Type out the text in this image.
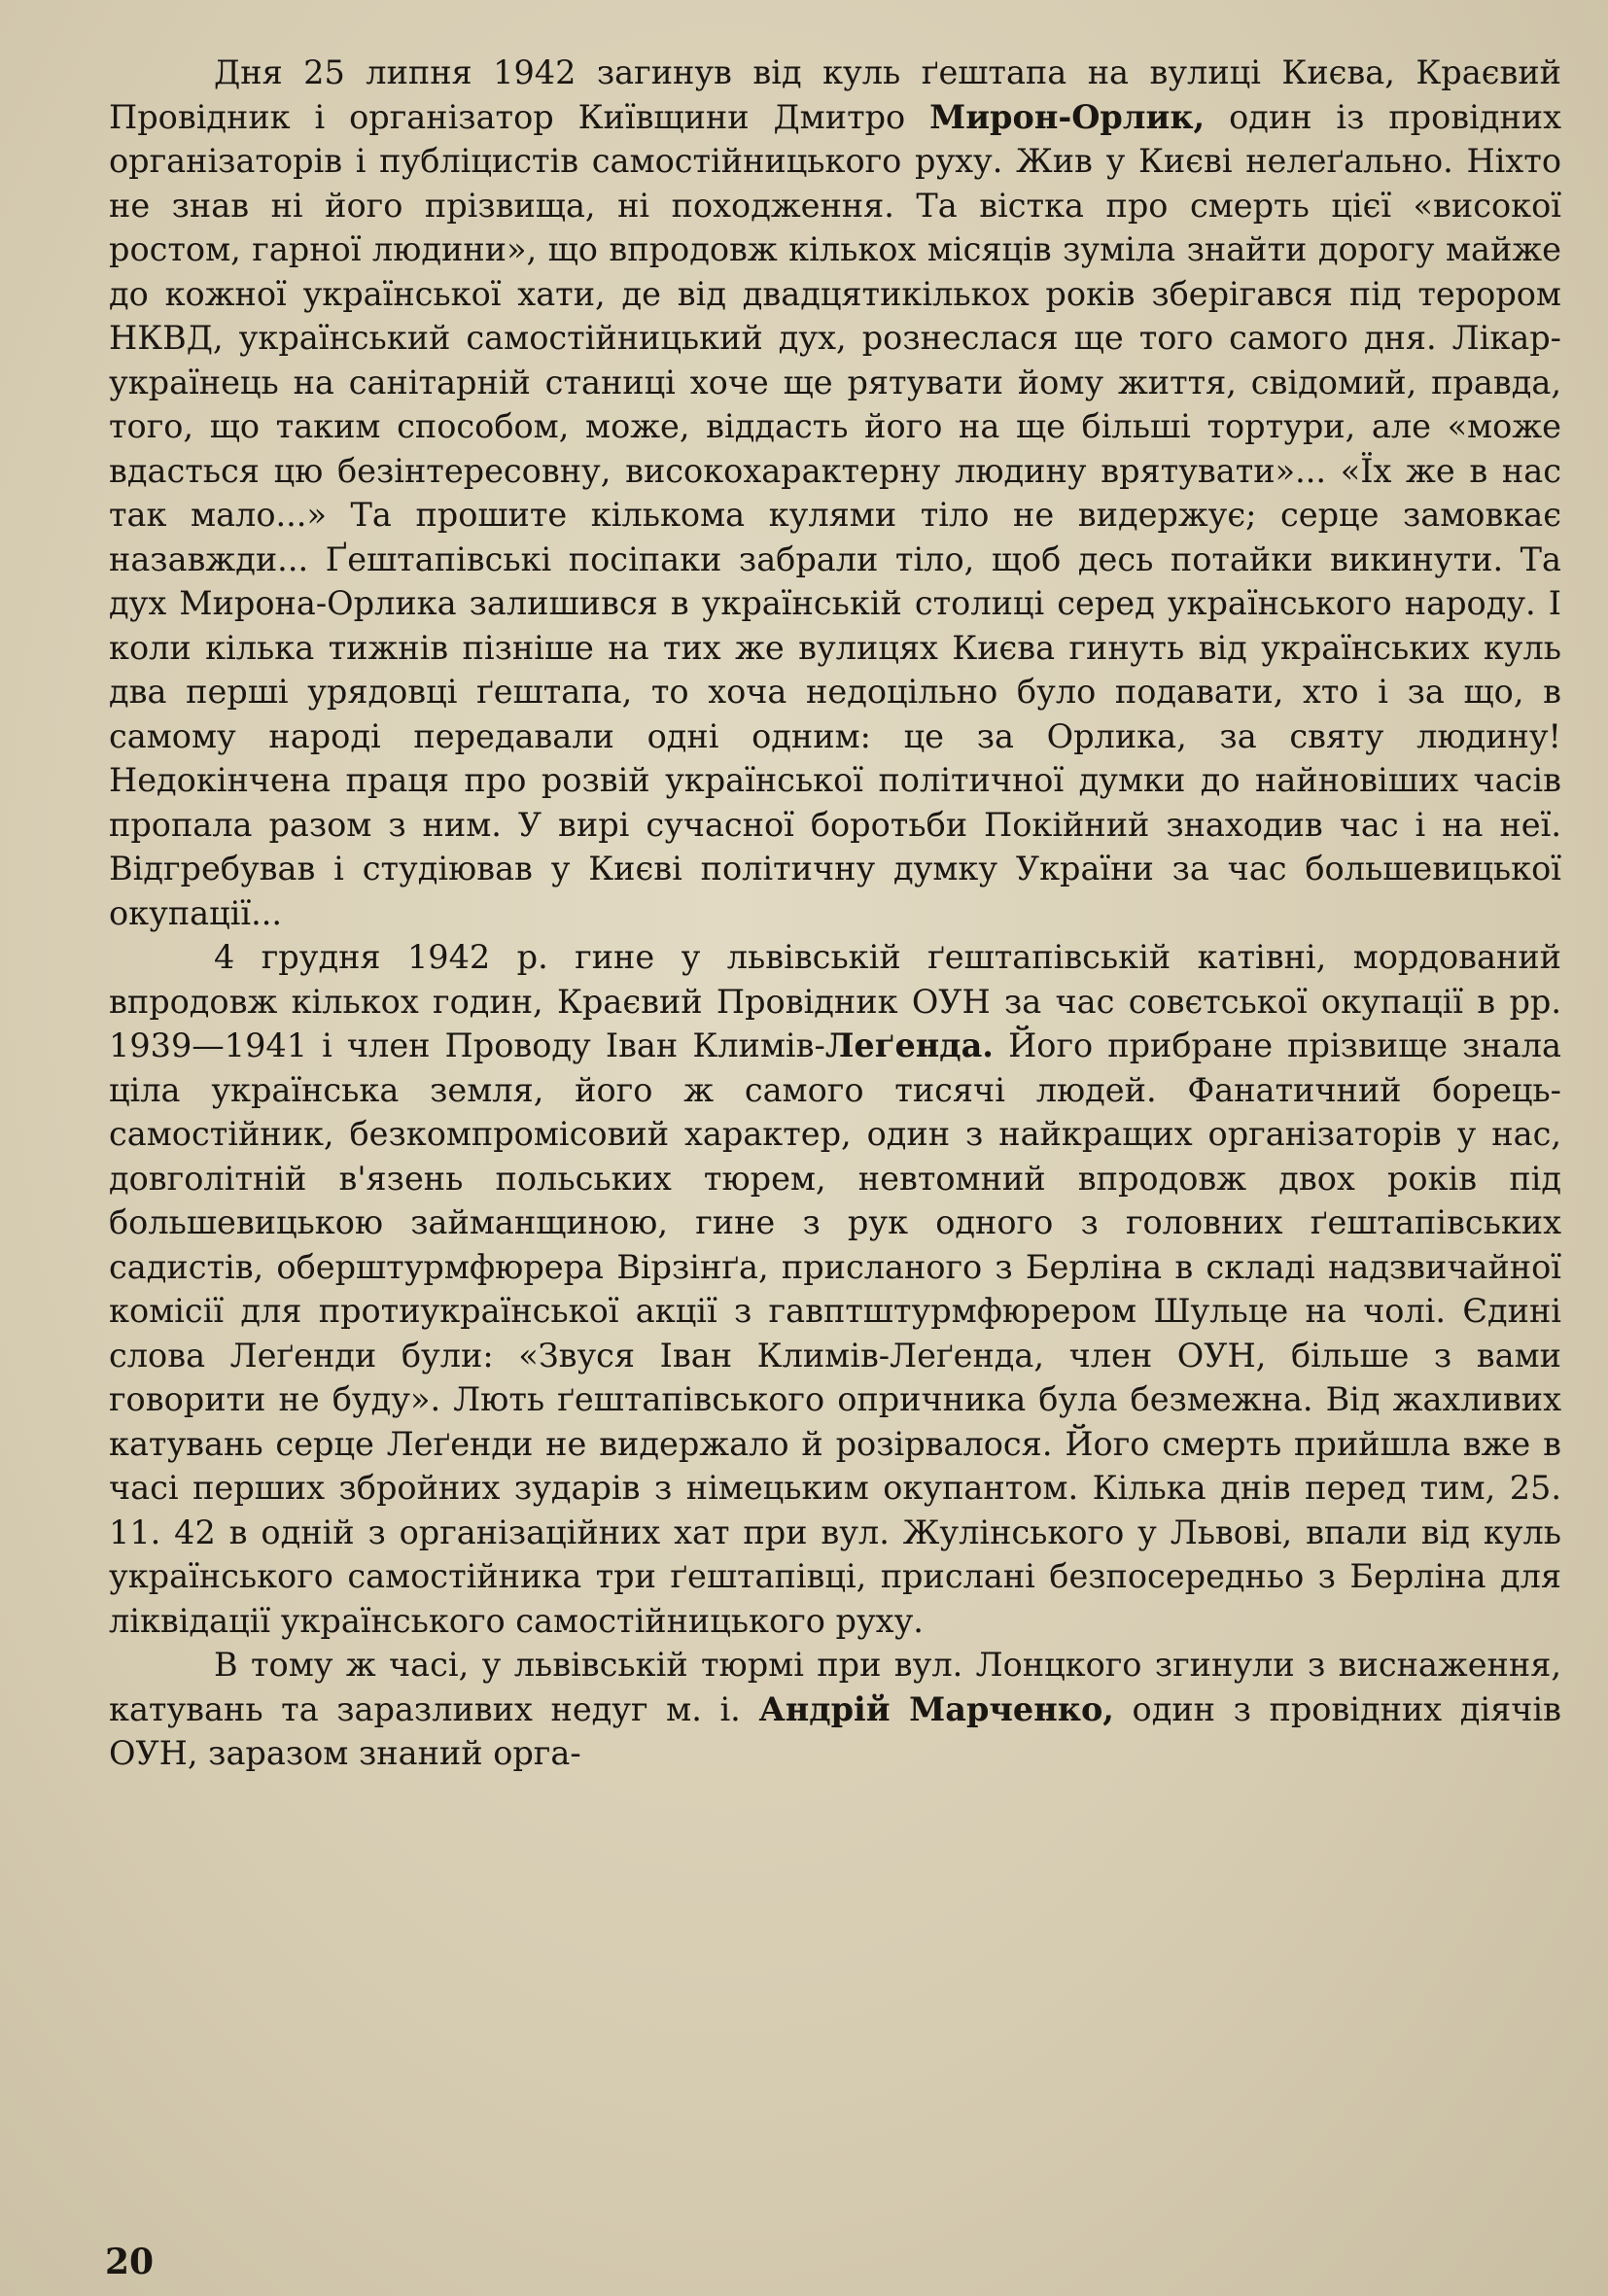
Дня 25 липня 1942 загинув від куль ґештапа на вулиці Києва, Краєвий Провідник і організатор Київщини Дмитро Мирон-Орлик, один із провідних організаторів і публіцистів самостійницького руху. Жив у Києві нелеґально. Ніхто не знав ні його прізвища, ні походження. Та вістка про смерть цієї «високої ростом, гарної людини», що впродовж кількох місяців зуміла знайти дорогу майже до кожної української хати, де від двадцятикількох років зберігався під терором НКВД, український самостійницький дух, рознеслася ще того самого дня. Лікар-українець на санітарній станиці хоче ще рятувати йому життя, свідомий, правда, того, що таким способом, може, віддасть його на ще більші тортури, але «може вдасться цю безінтересовну, високохарактерну людину врятувати»... «Їх же в нас так мало...» Та прошите кількома кулями тіло не видержує; серце замовкає назавжди... Ґештапівські посіпаки забрали тіло, щоб десь потайки викинути. Та дух Мирона-Орлика залишився в українській столиці серед українського народу. І коли кілька тижнів пізніше на тих же вулицях Києва гинуть від українських куль два перші урядовці ґештапа, то хоча недоцільно було подавати, хто і за що, в самому народі передавали одні одним: це за Орлика, за святу людину! Недокінчена праця про розвій української політичної думки до найновіших часів пропала разом з ним. У вирі сучасної боротьби Покійний знаходив час і на неї. Відгребував і студіював у Києві політичну думку України за час большевицької окупації...

4 грудня 1942 р. гине у львівській ґештапівській катівні, мордований впродовж кількох годин, Краєвий Провідник ОУН за час совєтської окупації в рр. 1939—1941 і член Проводу Іван Климів-Леґенда. Його прибране прізвище знала ціла українська земля, його ж самого тисячі людей. Фанатичний борець-самостійник, безкомпромісовий характер, один з найкращих організаторів у нас, довголітній в'язень польських тюрем, невтомний впродовж двох років під большевицькою займанщиною, гине з рук одного з головних ґештапівських садистів, оберштурмфюрера Вірзінґа, присланого з Берліна в складі надзвичайної комісії для протиукраїнської акції з гавптштурмфюрером Шульце на чолі. Єдині слова Леґенди були: «Звуся Іван Климів-Леґенда, член ОУН, більше з вами говорити не буду». Лють ґештапівського опричника була безмежна. Від жахливих катувань серце Леґенди не видержало й розірвалося. Його смерть прийшла вже в часі перших збройних зударів з німецьким окупантом. Кілька днів перед тим, 25. 11. 42 в одній з організаційних хат при вул. Жулінського у Львові, впали від куль українського самостійника три ґештапівці, прислані безпосередньо з Берліна для ліквідації українського самостійницького руху.

В тому ж часі, у львівській тюрмі при вул. Лонцкого згинули з виснаження, катувань та заразливих недуг м. і. Андрій Марченко, один з провідних діячів ОУН, заразом знаний орга-

20
